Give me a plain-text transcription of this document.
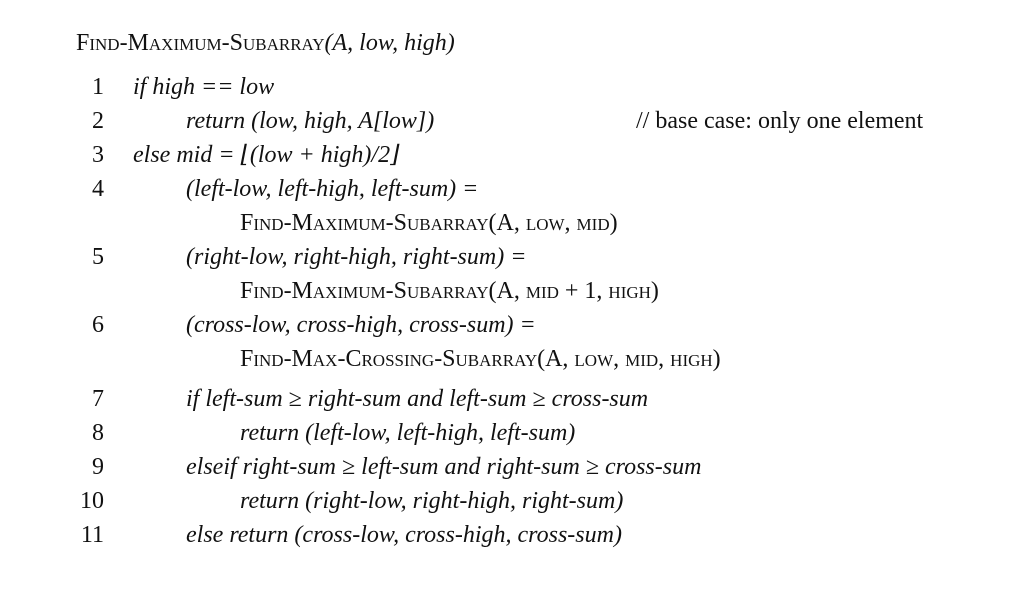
Find-Maximum-Subarray(A, low, high)
1 if high == low
2	return (low, high, A[low])	// base case: only one element
3 else mid = ⌊(low + high)/2⌋
4	(left-low, left-high, left-sum) =
Find-Maximum-Subarray(A, low, mid)
5	(right-low, right-high, right-sum) =
Find-Maximum-Subarray(A, mid + 1, high)
6	(cross-low, cross-high, cross-sum) =
Find-Max-Crossing-Subarray(A, low, mid, high)
7	if left-sum ≥ right-sum and left-sum ≥ cross-sum
8	return (left-low, left-high, left-sum)
9	elseif right-sum ≥ left-sum and right-sum ≥ cross-sum
10	return (right-low, right-high, right-sum)
11	else return (cross-low, cross-high, cross-sum)
